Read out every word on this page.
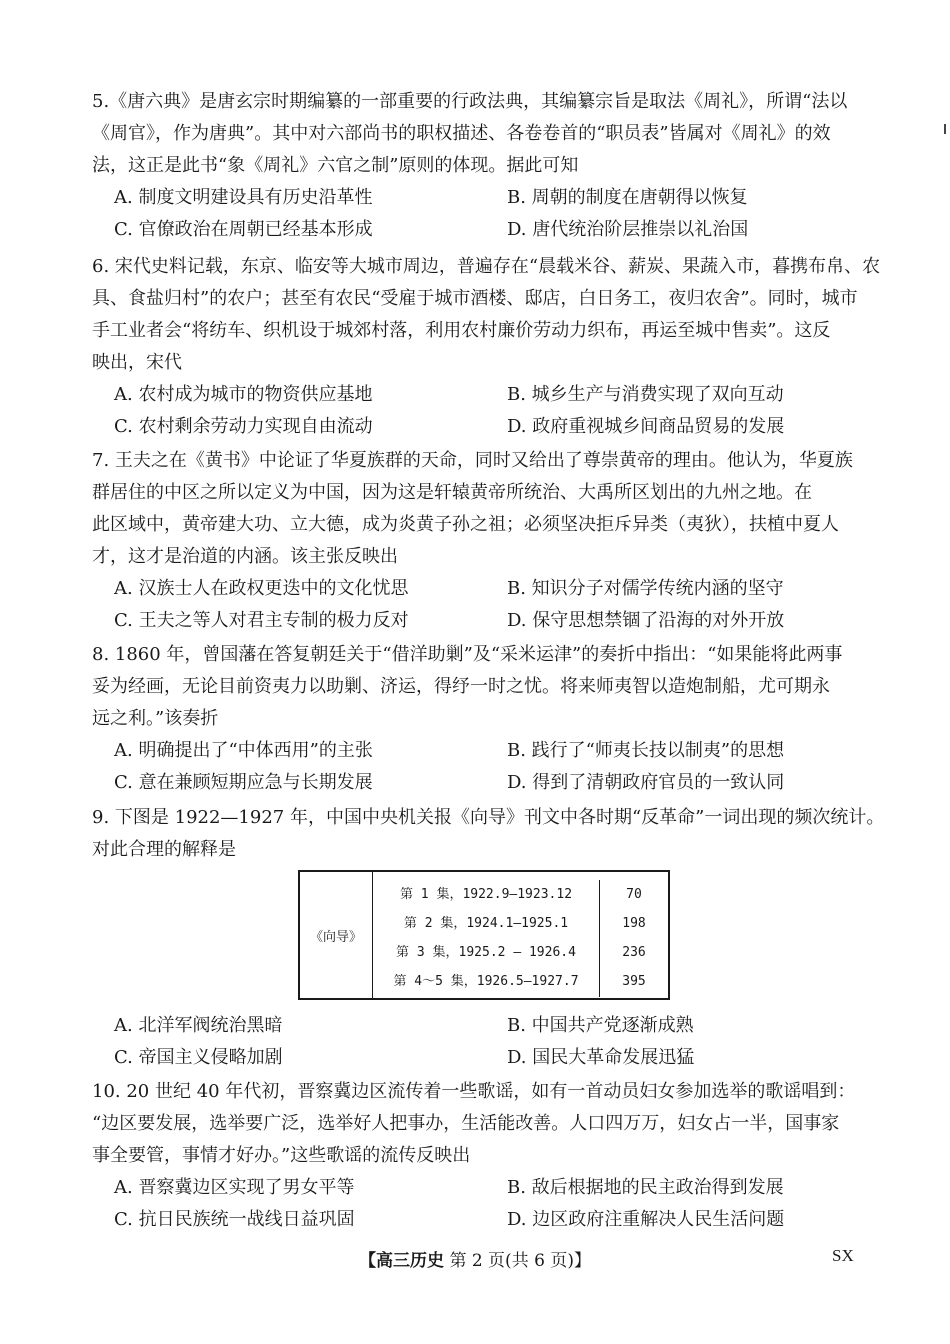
5.《唐六典》是唐玄宗时期编纂的一部重要的行政法典，其编纂宗旨是取法《周礼》，所谓“法以
《周官》，作为唐典”。其中对六部尚书的职权描述、各卷卷首的“职员表”皆属对《周礼》的效
法，这正是此书“象《周礼》六官之制”原则的体现。据此可知

A. 制度文明建设具有历史沿革性	B. 周朝的制度在唐朝得以恢复
C. 官僚政治在周朝已经基本形成	D. 唐代统治阶层推崇以礼治国

6. 宋代史料记载，东京、临安等大城市周边，普遍存在“晨载米谷、薪炭、果蔬入市，暮携布帛、农
具、食盐归村”的农户；甚至有农民“受雇于城市酒楼、邸店，白日务工，夜归农舍”。同时，城市
手工业者会“将纺车、织机设于城郊村落，利用农村廉价劳动力织布，再运至城中售卖”。这反
映出，宋代

A. 农村成为城市的物资供应基地	B. 城乡生产与消费实现了双向互动
C. 农村剩余劳动力实现自由流动	D. 政府重视城乡间商品贸易的发展

7. 王夫之在《黄书》中论证了华夏族群的天命，同时又给出了尊崇黄帝的理由。他认为，华夏族
群居住的中区之所以定义为中国，因为这是轩辕黄帝所统治、大禹所区划出的九州之地。在
此区域中，黄帝建大功、立大德，成为炎黄子孙之祖；必须坚决拒斥异类（夷狄），扶植中夏人
才，这才是治道的内涵。该主张反映出

A. 汉族士人在政权更迭中的文化忧思	B. 知识分子对儒学传统内涵的坚守
C. 王夫之等人对君主专制的极力反对	D. 保守思想禁锢了沿海的对外开放

8. 1860 年，曾国藩在答复朝廷关于“借洋助剿”及“采米运津”的奏折中指出：“如果能将此两事
妥为经画，无论目前资夷力以助剿、济运，得纾一时之忧。将来师夷智以造炮制船，尤可期永
远之利。”该奏折

A. 明确提出了“中体西用”的主张	B. 践行了“师夷长技以制夷”的思想
C. 意在兼顾短期应急与长期发展	D. 得到了清朝政府官员的一致认同

9. 下图是 1922—1927 年，中国中央机关报《向导》刊文中各时期“反革命”一词出现的频次统计。
对此合理的解释是

《向导》
第 1 集，1922.9—1923.12	70
第 2 集，1924.1—1925.1	198
第 3 集，1925.2 — 1926.4	236
第 4～5 集，1926.5—1927.7	395
A. 北洋军阀统治黑暗	B. 中国共产党逐渐成熟
C. 帝国主义侵略加剧	D. 国民大革命发展迅猛

10. 20 世纪 40 年代初，晋察冀边区流传着一些歌谣，如有一首动员妇女参加选举的歌谣唱到：
“边区要发展，选举要广泛，选举好人把事办，生活能改善。人口四万万，妇女占一半，国事家
事全要管，事情才好办。”这些歌谣的流传反映出

A. 晋察冀边区实现了男女平等	B. 敌后根据地的民主政治得到发展
C. 抗日民族统一战线日益巩固	D. 边区政府注重解决人民生活问题
【高三历史 第 2 页(共 6 页)】	SX
